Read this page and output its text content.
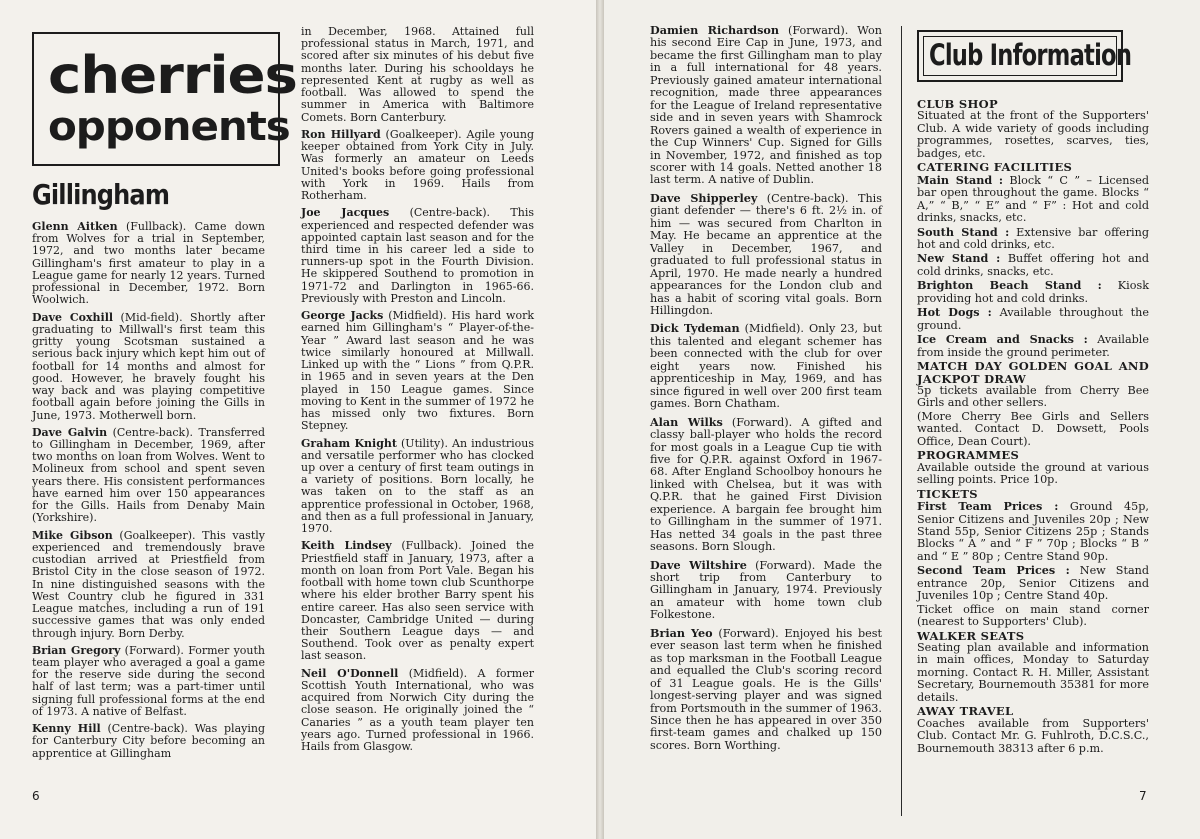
cherries
opponents
Gillingham

Glenn Aitken (Fullback). Came down from Wolves for a trial in September, 1972, and two months later became Gillingham's first amateur to play in a League game for nearly 12 years. Turned professional in December, 1972. Born Woolwich.

Dave Coxhill (Mid-field). Shortly after graduating to Millwall's first team this gritty young Scotsman sustained a serious back injury which kept him out of football for 14 months and almost for good. However, he bravely fought his way back and was playing competitive football again before joining the Gills in June, 1973. Motherwell born.

Dave Galvin (Centre-back). Transferred to Gillingham in December, 1969, after two months on loan from Wolves. Went to Molineux from school and spent seven years there. His consistent performances have earned him over 150 appearances for the Gills. Hails from Denaby Main (Yorkshire).

Mike Gibson (Goalkeeper). This vastly experienced and tremendously brave custodian arrived at Priestfield from Bristol City in the close season of 1972. In nine distinguished seasons with the West Country club he figured in 331 League matches, including a run of 191 successive games that was only ended through injury. Born Derby.

Brian Gregory (Forward). Former youth team player who averaged a goal a game for the reserve side during the second half of last term; was a part-timer until signing full professional forms at the end of 1973. A native of Belfast.

Kenny Hill (Centre-back). Was playing for Canterbury City before becoming an apprentice at Gillingham

in December, 1968. Attained full professional status in March, 1971, and scored after six minutes of his debut five months later. During his schooldays he represented Kent at rugby as well as football. Was allowed to spend the summer in America with Baltimore Comets. Born Canterbury.

Ron Hillyard (Goalkeeper). Agile young keeper obtained from York City in July. Was formerly an amateur on Leeds United's books before going professional with York in 1969. Hails from Rotherham.

Joe Jacques (Centre-back). This experienced and respected defender was appointed captain last season and for the third time in his career led a side to runners-up spot in the Fourth Division. He skippered Southend to promotion in 1971-72 and Darlington in 1965-66. Previously with Preston and Lincoln.

George Jacks (Midfield). His hard work earned him Gillingham's “ Player-of-the-Year ” Award last season and he was twice similarly honoured at Millwall. Linked up with the “ Lions ” from Q.P.R. in 1965 and in seven years at the Den played in 150 League games. Since moving to Kent in the summer of 1972 he has missed only two fixtures. Born Stepney.

Graham Knight (Utility). An industrious and versatile performer who has clocked up over a century of first team outings in a variety of positions. Born locally, he was taken on to the staff as an apprentice professional in October, 1968, and then as a full professional in January, 1970.

Keith Lindsey (Fullback). Joined the Priestfield staff in January, 1973, after a month on loan from Port Vale. Began his football with home town club Scunthorpe where his elder brother Barry spent his entire career. Has also seen service with Doncaster, Cambridge United — during their Southern League days — and Southend. Took over as penalty expert last season.

Neil O'Donnell (Midfield). A former Scottish Youth International, who was acquired from Norwich City during the close season. He originally joined the “ Canaries ” as a youth team player ten years ago. Turned professional in 1966. Hails from Glasgow.

6

Damien Richardson (Forward). Won his second Eire Cap in June, 1973, and became the first Gillingham man to play in a full international for 48 years. Previously gained amateur international recognition, made three appearances for the League of Ireland representative side and in seven years with Shamrock Rovers gained a wealth of experience in the Cup Winners' Cup. Signed for Gills in November, 1972, and finished as top scorer with 14 goals. Netted another 18 last term. A native of Dublin.

Dave Shipperley (Centre-back). This giant defender — there's 6 ft. 2½ in. of him — was secured from Charlton in May. He became an apprentice at the Valley in December, 1967, and graduated to full professional status in April, 1970. He made nearly a hundred appearances for the London club and has a habit of scoring vital goals. Born Hillingdon.

Dick Tydeman (Midfield). Only 23, but this talented and elegant schemer has been connected with the club for over eight years now. Finished his apprenticeship in May, 1969, and has since figured in well over 200 first team games. Born Chatham.

Alan Wilks (Forward). A gifted and classy ball-player who holds the record for most goals in a League Cup tie with five for Q.P.R. against Oxford in 1967-68. After England Schoolboy honours he linked with Chelsea, but it was with Q.P.R. that he gained First Division experience. A bargain fee brought him to Gillingham in the summer of 1971. Has netted 34 goals in the past three seasons. Born Slough.

Dave Wiltshire (Forward). Made the short trip from Canterbury to Gillingham in January, 1974. Previously an amateur with home town club Folkestone.

Brian Yeo (Forward). Enjoyed his best ever season last term when he finished as top marksman in the Football League and equalled the Club's scoring record of 31 League goals. He is the Gills' longest-serving player and was signed from Portsmouth in the summer of 1963. Since then he has appeared in over 350 first-team games and chalked up 150 scores. Born Worthing.

Club Information
CLUB SHOP

Situated at the front of the Supporters' Club. A wide variety of goods including programmes, rosettes, scarves, ties, badges, etc.

CATERING FACILITIES

Main Stand : Block “ C ” – Licensed bar open throughout the game. Blocks “ A,” “ B,” “ E” and “ F” : Hot and cold drinks, snacks, etc.

South Stand : Extensive bar offering hot and cold drinks, etc.

New Stand : Buffet offering hot and cold drinks, snacks, etc.

Brighton Beach Stand : Kiosk providing hot and cold drinks.

Hot Dogs : Available throughout the ground.

Ice Cream and Snacks : Available from inside the ground perimeter.

MATCH DAY GOLDEN GOAL AND JACKPOT DRAW

5p tickets available from Cherry Bee Girls and other sellers.

(More Cherry Bee Girls and Sellers wanted. Contact D. Dowsett, Pools Office, Dean Court).

PROGRAMMES

Available outside the ground at various selling points. Price 10p.

TICKETS

First Team Prices : Ground 45p, Senior Citizens and Juveniles 20p ; New Stand 55p, Senior Citizens 25p ; Stands Blocks “ A ” and “ F ” 70p ; Blocks “ B ” and “ E ” 80p ; Centre Stand 90p.

Second Team Prices : New Stand entrance 20p, Senior Citizens and Juveniles 10p ; Centre Stand 40p.

Ticket office on main stand corner (nearest to Supporters' Club).

WALKER SEATS

Seating plan available and information in main offices, Monday to Saturday morning. Contact R. H. Miller, Assistant Secretary, Bournemouth 35381 for more details.

AWAY TRAVEL

Coaches available from Supporters' Club. Contact Mr. G. Fuhlroth, D.C.S.C., Bournemouth 38313 after 6 p.m.

7
